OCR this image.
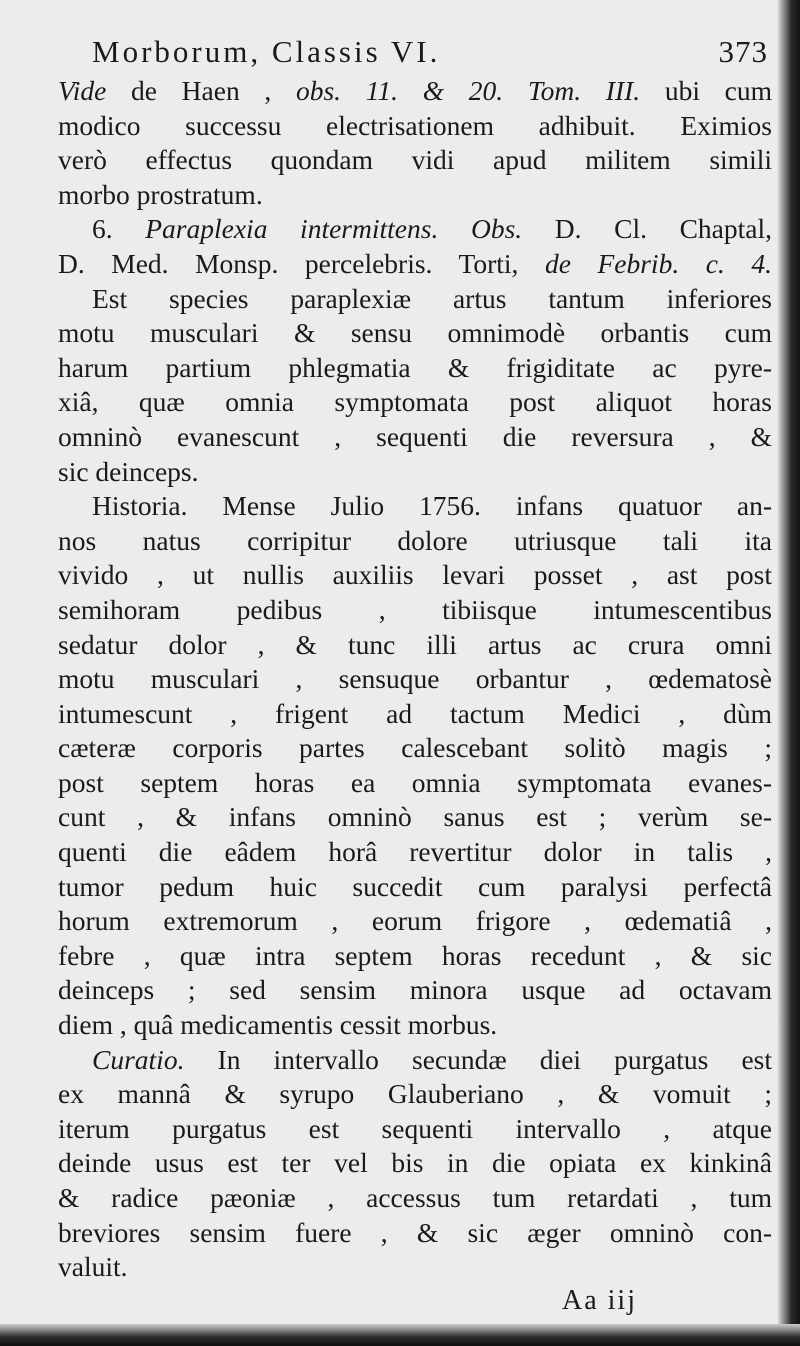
Morborum, Classis VI.	373
Vide de Haen , obs. 11. & 20. Tom. III. ubi cum
modico successu electrisationem adhibuit. Eximios
verò effectus quondam vidi apud militem simili
morbo prostratum.
6. Paraplexia intermittens. Obs. D. Cl. Chaptal,
D. Med. Monsp. percelebris. Torti, de Febrib. c. 4.
Est species paraplexiæ artus tantum inferiores
motu musculari & sensu omnimodè orbantis cum
harum partium phlegmatia & frigiditate ac pyre-
xiâ, quæ omnia symptomata post aliquot horas
omninò evanescunt , sequenti die reversura , &
sic deinceps.
Historia. Mense Julio 1756. infans quatuor an-
nos natus corripitur dolore utriusque tali ita
vivido , ut nullis auxiliis levari posset , ast post
semihoram pedibus , tibiisque intumescentibus
sedatur dolor , & tunc illi artus ac crura omni
motu musculari , sensuque orbantur , œdematosè
intumescunt , frigent ad tactum Medici , dùm
cæteræ corporis partes calescebant solitò magis ;
post septem horas ea omnia symptomata evanes-
cunt , & infans omninò sanus est ; verùm se-
quenti die eâdem horâ revertitur dolor in talis ,
tumor pedum huic succedit cum paralysi perfectâ
horum extremorum , eorum frigore , œdematiâ ,
febre , quæ intra septem horas recedunt , & sic
deinceps ; sed sensim minora usque ad octavam
diem , quâ medicamentis cessit morbus.
Curatio. In intervallo secundæ diei purgatus est
ex mannâ & syrupo Glauberiano , & vomuit ;
iterum purgatus est sequenti intervallo , atque
deinde usus est ter vel bis in die opiata ex kinkinâ
& radice pæoniæ , accessus tum retardati , tum
breviores sensim fuere , & sic æger omninò con-
valuit.
Aa iij
